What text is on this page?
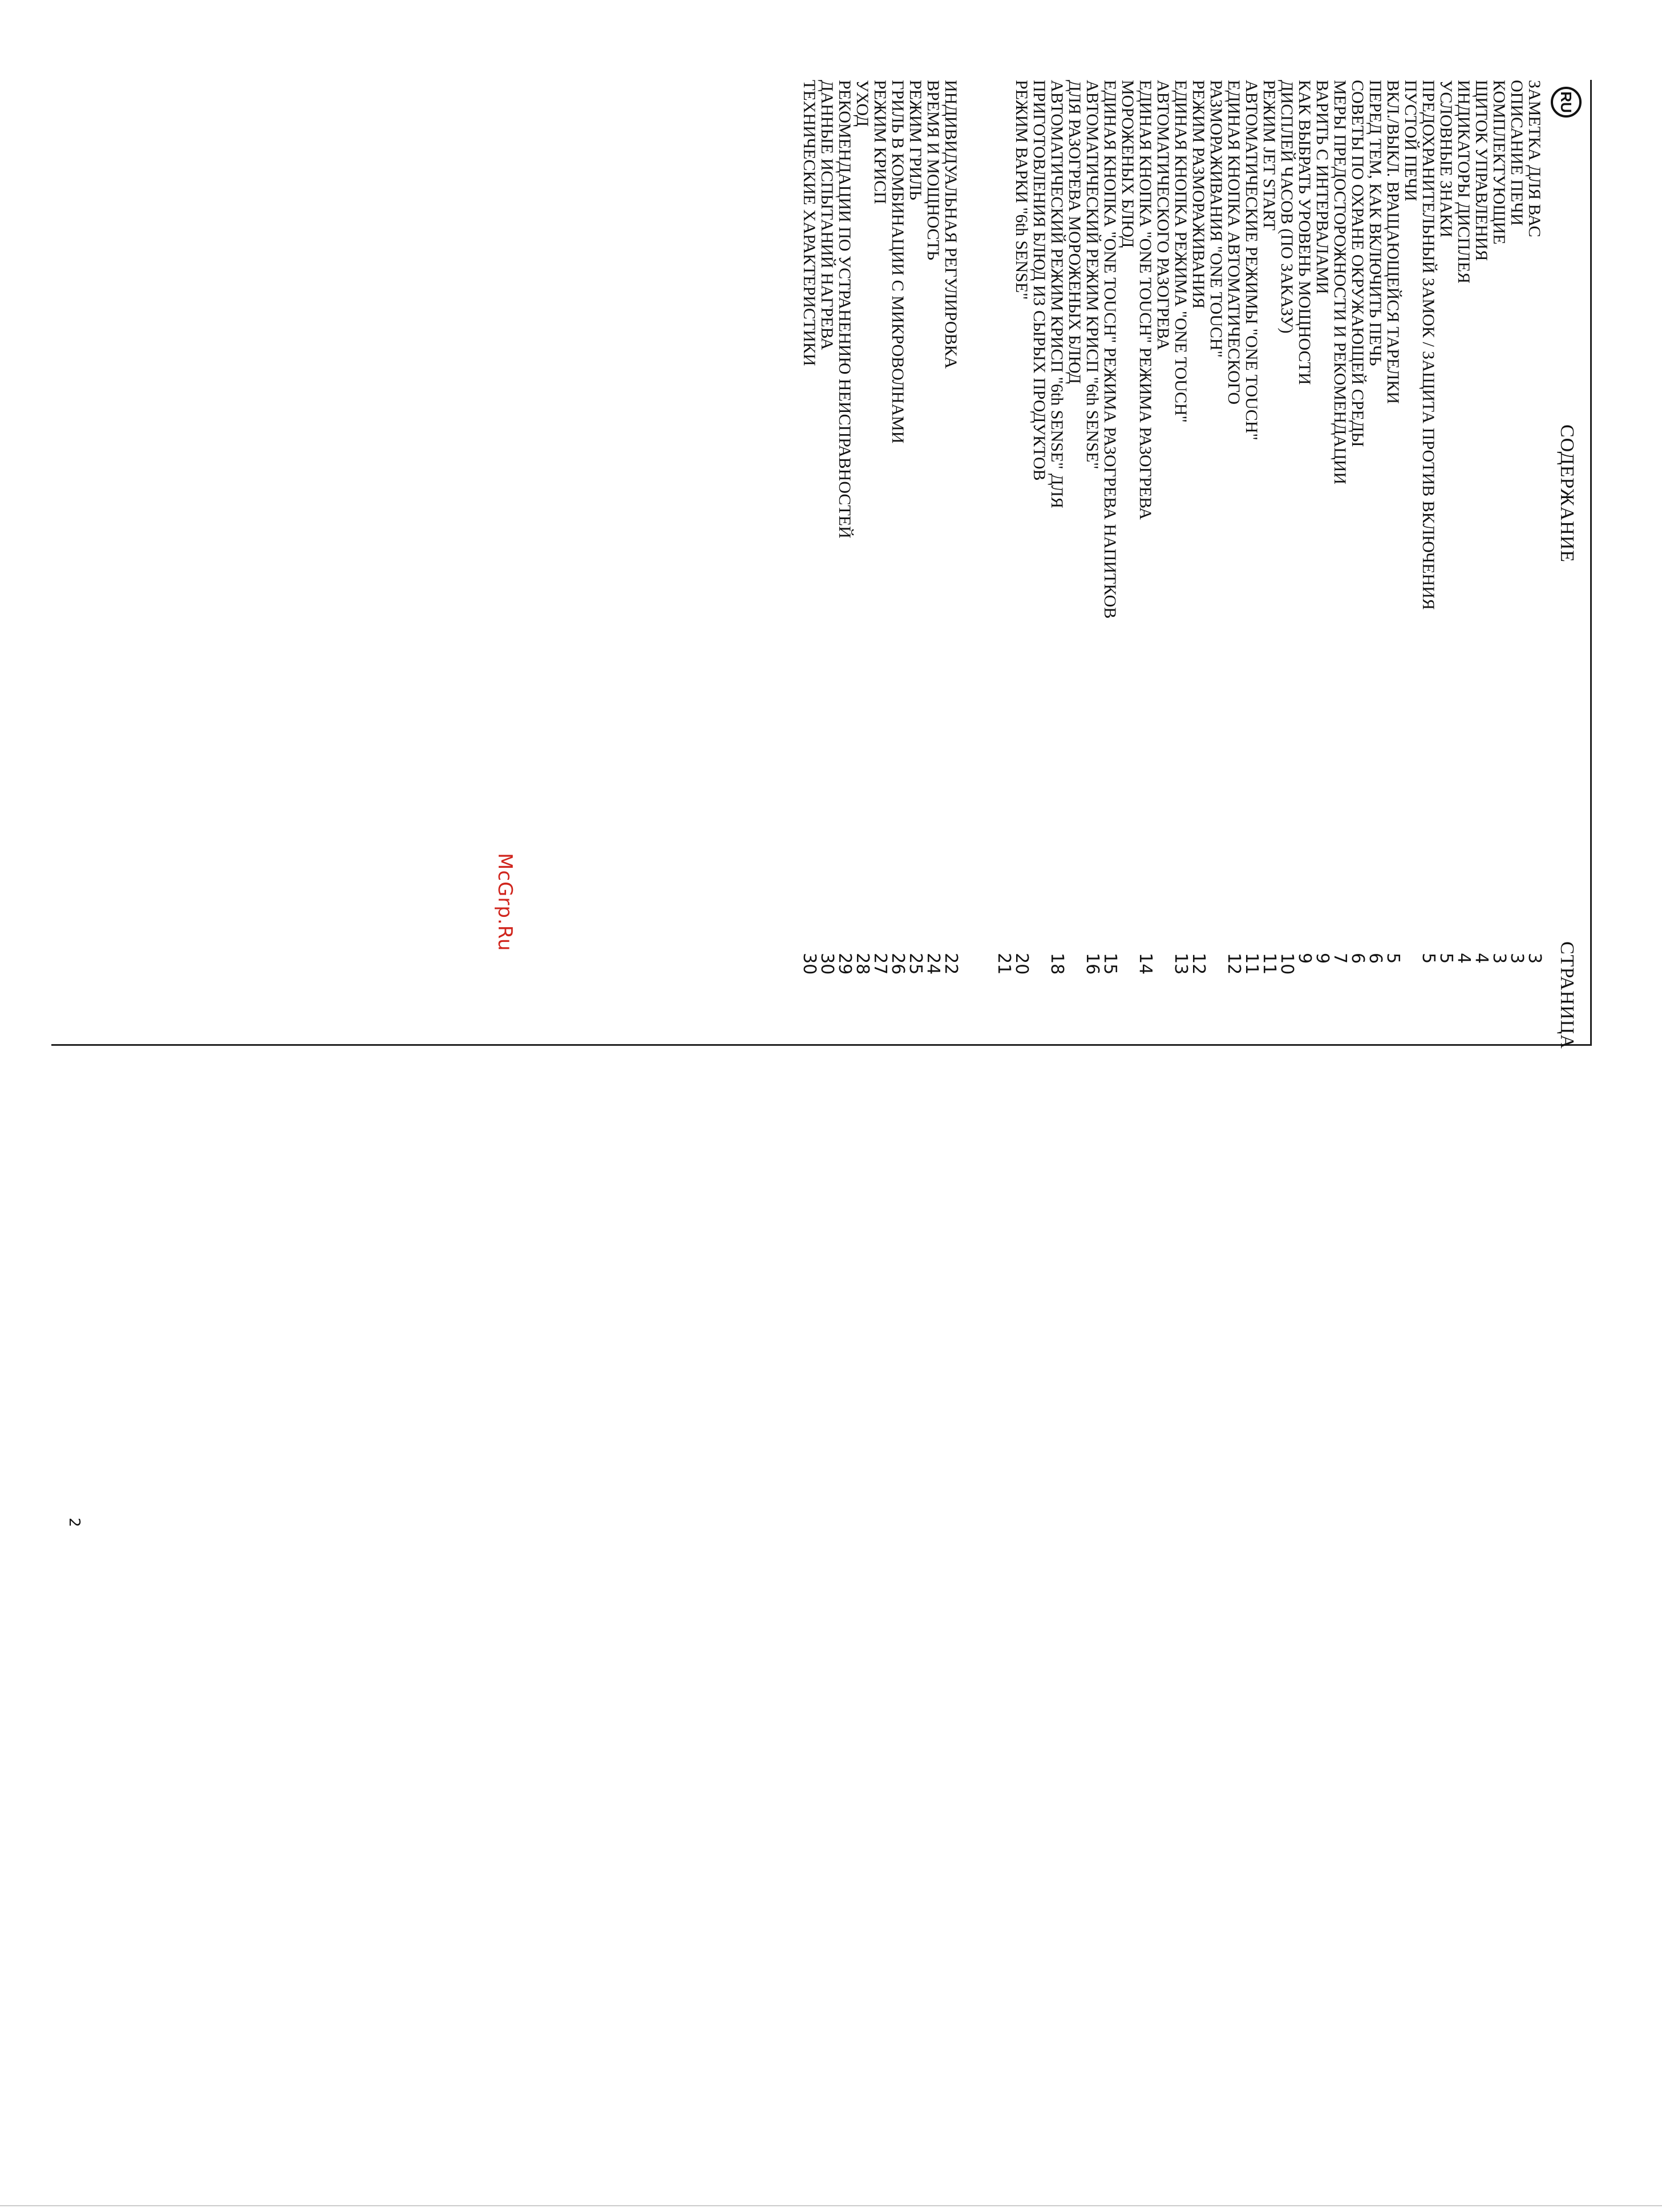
RU
СОДЕРЖАНИЕ
СТРАНИЦА
ЗАМЕТКА ДЛЯ ВАС
3
ОПИСАНИЕ ПЕЧИ
3
КОМПЛЕКТУЮЩИЕ
3
ЩИТОК УПРАВЛЕНИЯ
4
ИНДИКАТОРЫ ДИСПЛЕЯ
4
УСЛОВНЫЕ ЗНАКИ
5
ПРЕДОХРАНИТЕЛЬНЫЙ ЗАМОК / ЗАЩИТА ПРОТИВ ВКЛЮЧЕНИЯ
ПУСТОЙ ПЕЧИ
5
ВКЛ./ВЫКЛ. ВРАЩАЮЩЕЙСЯ ТАРЕЛКИ
5
ПЕРЕД ТЕМ, КАК ВКЛЮЧИТЬ ПЕЧЬ
6
СОВЕТЫ ПО ОХРАНЕ ОКРУЖАЮЩЕЙ СРЕДЫ
6
МЕРЫ ПРЕДОСТОРОЖНОСТИ И РЕКОМЕНДАЦИИ
7
ВАРИТЬ С ИНТЕРВАЛАМИ
9
КАК ВЫБРАТЬ УРОВЕНЬ МОЩНОСТИ
9
ДИСПЛЕЙ ЧАСОВ (ПО ЗАКАЗУ)
10
РЕЖИМ JET START
11
АВТОМАТИЧЕСКИЕ РЕЖИМЫ "ONE TOUCH"
11
ЕДИНАЯ КНОПКА АВТОМАТИЧЕСКОГО
РАЗМОРАЖИВАНИЯ "ONE TOUCH"
12
РЕЖИМ РАЗМОРАЖИВАНИЯ
12
ЕДИНАЯ КНОПКА РЕЖИМА "ONE TOUCH"
АВТОМАТИЧЕСКОГО РАЗОГРЕВА
13
ЕДИНАЯ КНОПКА "ONE TOUCH" РЕЖИМА РАЗОГРЕВА
МОРОЖЕНЫХ БЛЮД
14
ЕДИНАЯ КНОПКА "ONE TOUCH" РЕЖИМА РАЗОГРЕВА НАПИТКОВ
15
АВТОМАТИЧЕСКИЙ РЕЖИМ КРИСП "6th SENSE"
ДЛЯ РАЗОГРЕВА МОРОЖЕНЫХ БЛЮД
16
АВТОМАТИЧЕСКИЙ РЕЖИМ КРИСП "6th SENSE" ДЛЯ
ПРИГОТОВЛЕНИЯ БЛЮД ИЗ СЫРЫХ ПРОДУКТОВ
18
РЕЖИМ ВАРКИ "6th SENSE"
20
21
ИНДИВИДУАЛЬНАЯ РЕГУЛИРОВКА
22
ВРЕМЯ И МОЩНОСТЬ
24
РЕЖИМ ГРИЛЬ
25
ГРИЛЬ В КОМБИНАЦИИ С МИКРОВОЛНАМИ
26
РЕЖИМ КРИСП
27
УХОД
28
РЕКОМЕНДАЦИИ ПО УСТРАНЕНИЮ НЕИСПРАВНОСТЕЙ
29
ДАННЫЕ ИСПЫТАНИЙ НАГРЕВА
30
ТЕХНИЧЕСКИЕ ХАРАКТЕРИСТИКИ
30
McGrp.Ru
2
